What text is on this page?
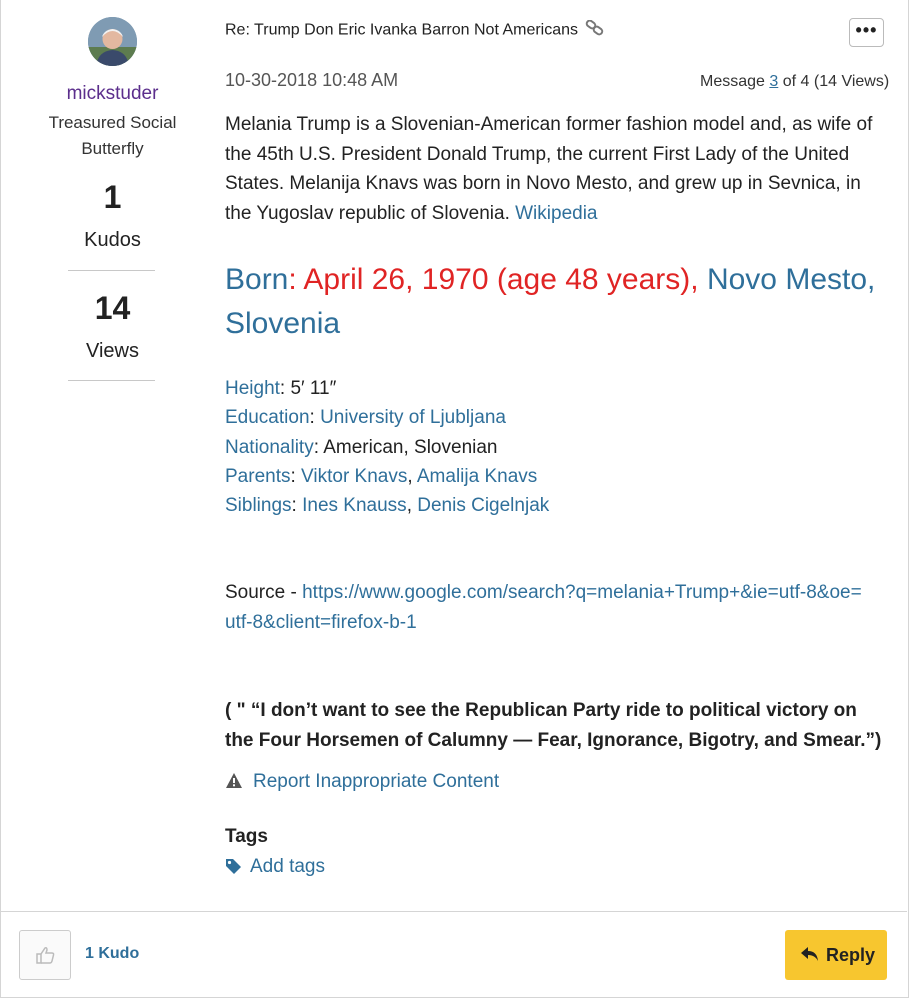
mickstuder
Treasured Social Butterfly
1
Kudos
14
Views
Re: Trump Don Eric Ivanka Barron Not Americans	•••
10-30-2018 10:48 AM	Message 3 of 4 (14 Views)
Melania Trump is a Slovenian-American former fashion model and, as wife of the 45th U.S. President Donald Trump, the current First Lady of the United States. Melanija Knavs was born in Novo Mesto, and grew up in Sevnica, in the Yugoslav republic of Slovenia. Wikipedia
Born: April 26, 1970 (age 48 years), Novo Mesto, Slovenia
Height: 5′ 11″
Education: University of Ljubljana
Nationality: American, Slovenian
Parents: Viktor Knavs, Amalija Knavs
Siblings: Ines Knauss, Denis Cigelnjak
Source - https://www.google.com/search?q=melania+Trump+&ie=utf-8&oe=utf-8&client=firefox-b-1
( " “I don’t want to see the Republican Party ride to political victory on the Four Horsemen of Calumny — Fear, Ignorance, Bigotry, and Smear.”)
Report Inappropriate Content
Tags
Add tags
1 Kudo	Reply
